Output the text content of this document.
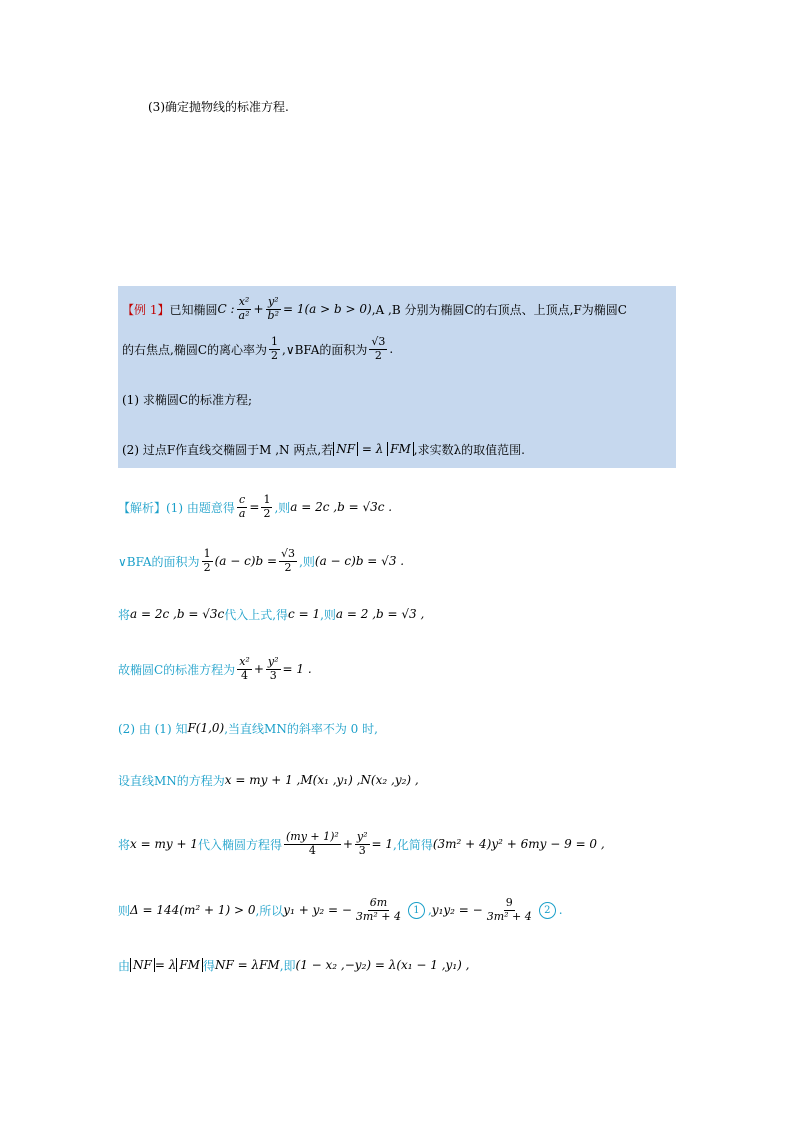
(3)确定抛物线的标准方程.
【例 1】 已知椭圆 C : $\frac{\text{x²}}{\text{a²}} + \frac{\text{y²}}{\text{b²}} = 1(a > b > 0)$ ,A ,B 分别为椭圆C的右顶点、上顶点,F为椭圆C
的右焦点,椭圆C的离心率为 $\frac{1}{2}$ ,∨BFA的面积为 $\frac{√3}{2}$ .
(1) 求椭圆C的标准方程;
(2) 过点F作直线交椭圆于M ,N 两点,若 NF = λ FM ,求实数λ的取值范围.
【解析】(1) 由题意得 $\frac{c}{a} = \frac{1}{2}$ ,则 a = 2c ,b = √3c .
∨BFA的面积为 $\frac{1}{2} (a - c)b = \frac{√3}{2}$ ,则 (a − c)b = √3 .
将 a = 2c ,b = √3c 代入上式,得 c = 1 ,则 a = 2 ,b = √3 ,
故椭圆C的标准方程为 $\frac{\text{x²}}{4} + \frac{\text{y²}}{3} = 1$ .
(2) 由 (1) 知 F(1,0) ,当直线MN的斜率不为 0 时,
设直线MN的方程为 x = my + 1 ,M(x₁ ,y₁) ,N(x₂ ,y₂) ,
将 x = my + 1 代入椭圆方程得 $\frac{\text{(my + 1)²}}{4} + \frac{\text{y²}}{3} = 1$ ,化简得 (3m² + 4)y² + 6my − 9 = 0 ,
则 Δ = 144(m² + 1) > 0 ,所以 y₁ + y₂ = − $\frac{6m}{\text{3m² + 4}}$	1 , y₁y₂ = − $\frac{9}{\text{3m² + 4}}$	2 .
由 NF = λ FM 得 NF = λFM ,即 (1 − x₂ ,−y₂) = λ(x₁ − 1 ,y₁) ,
